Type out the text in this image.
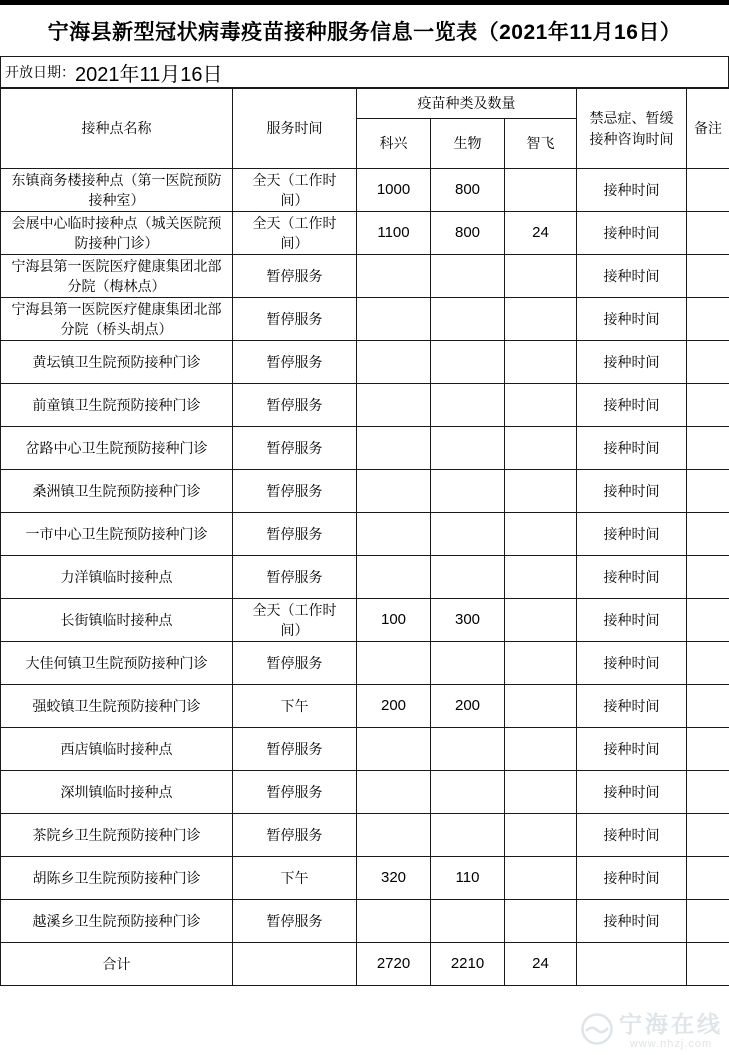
宁海县新型冠状病毒疫苗接种服务信息一览表（2021年11月16日）
开放日期： 2021年11月16日
接种点名称	服务时间	疫苗种类及数量			禁忌症、暂缓接种咨询时间	备注
		科兴	生物	智飞		
东镇商务楼接种点（第一医院预防接种室）	全天（工作时间）	1000	800		接种时间	
会展中心临时接种点（城关医院预防接种门诊）	全天（工作时间）	1100	800	24	接种时间	
宁海县第一医院医疗健康集团北部分院（梅林点）	暂停服务				接种时间	
宁海县第一医院医疗健康集团北部分院（桥头胡点）	暂停服务				接种时间	
黄坛镇卫生院预防接种门诊	暂停服务				接种时间	
前童镇卫生院预防接种门诊	暂停服务				接种时间	
岔路中心卫生院预防接种门诊	暂停服务				接种时间	
桑洲镇卫生院预防接种门诊	暂停服务				接种时间	
一市中心卫生院预防接种门诊	暂停服务				接种时间	
力洋镇临时接种点	暂停服务				接种时间	
长街镇临时接种点	全天（工作时间）	100	300		接种时间	
大佳何镇卫生院预防接种门诊	暂停服务				接种时间	
强蛟镇卫生院预防接种门诊	下午	200	200		接种时间	
西店镇临时接种点	暂停服务				接种时间	
深圳镇临时接种点	暂停服务				接种时间	
茶院乡卫生院预防接种门诊	暂停服务				接种时间	
胡陈乡卫生院预防接种门诊	下午	320	110		接种时间	
越溪乡卫生院预防接种门诊	暂停服务				接种时间	
合计		2720	2210	24		
宁海在线
www.nhzj.com
